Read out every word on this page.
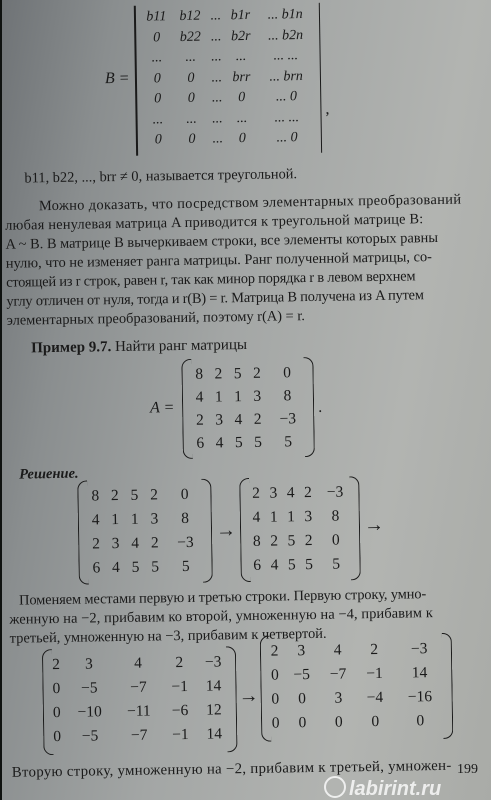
B =
b11	b12	...	b1r	... b1n
0	b22	...	b2r	... b2n
...	...	...	...	... ...
0	0	...	brr	... brn
0	0	...	0	... 0
...	...	...	...	... ...
0	0	...	0	... 0
,
b11, b22, ..., brr ≠ 0, называется треугольной.
Можно доказать, что посредством элементарных преобразований
любая ненулевая матрица A приводится к треугольной матрице B:
A ~ B. В матрице B вычеркиваем строки, все элементы которых равны
нулю, что не изменяет ранга матрицы. Ранг полученной матрицы, со-
стоящей из r строк, равен r, так как минор порядка r в левом верхнем
углу отличен от нуля, тогда и r(B) = r. Матрица B получена из A путем
элементарных преобразований, поэтому r(A) = r.
Пример 9.7. Найти ранг матрицы
A =
8	2	5	2	0
4	1	1	3	8
2	3	4	2	−3
6	4	5	5	5
.
Решение.
8	2	5	2	0
4	1	1	3	8
2	3	4	2	−3
6	4	5	5	5
→
2	3	4	2	−3
4	1	1	3	8
8	2	5	2	0
6	4	5	5	5
→
Поменяем местами первую и третью строки. Первую строку, умно-
женную на −2, прибавим ко второй, умноженную на −4, прибавим к
третьей, умноженную на −3, прибавим к четвертой.
2	3	4	2	−3
0	−5	−7	−1	14
0	−10	−11	−6	12
0	−5	−7	−1	14
→
2	3	4	2	−3
0	−5	−7	−1	14
0	0	3	−4	−16
0	0	0	0	0
Вторую строку, умноженную на −2, прибавим к третьей, умножен-
labirint.ru
199
